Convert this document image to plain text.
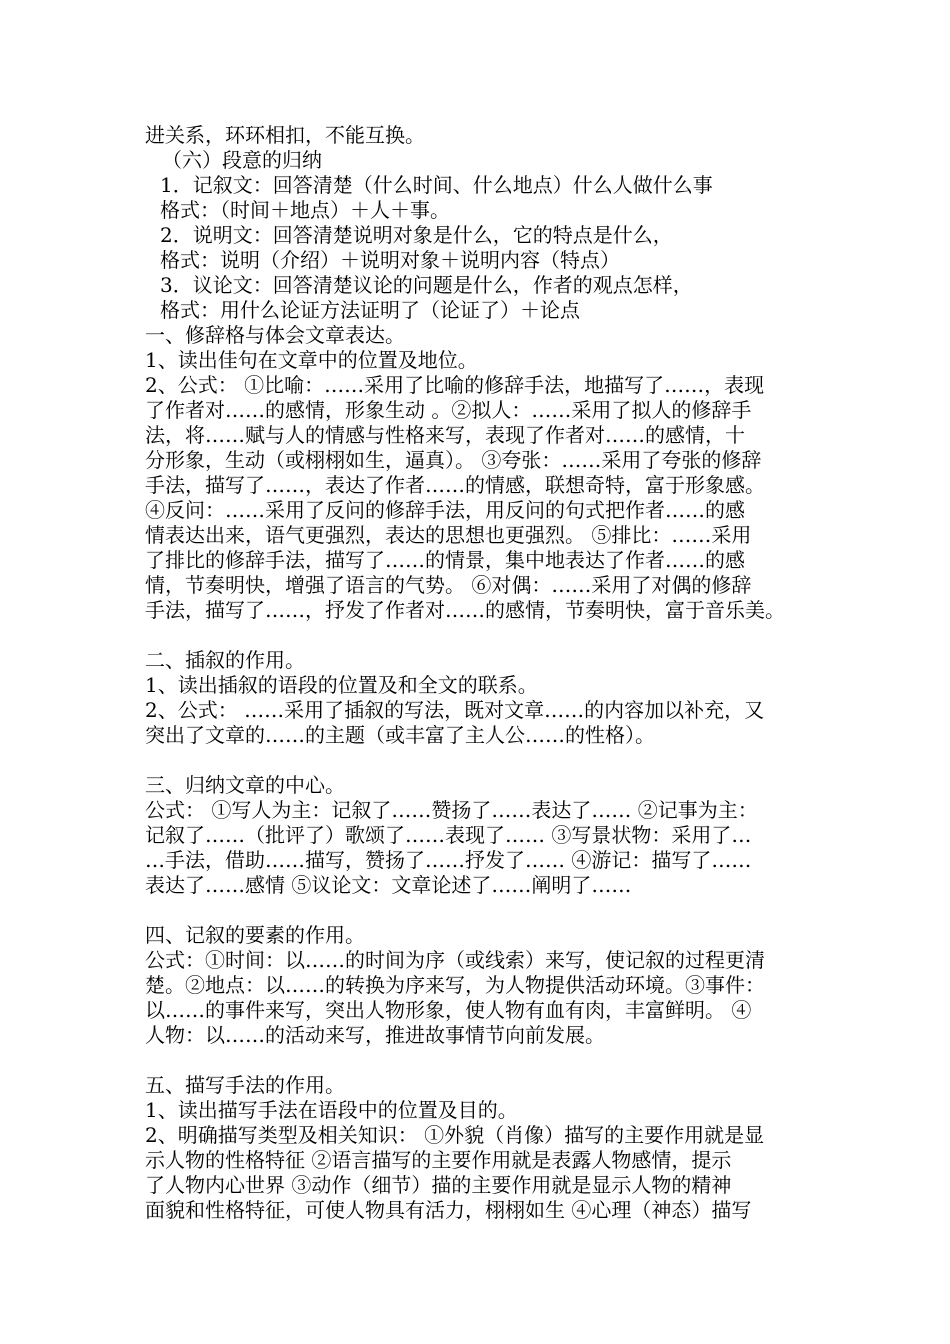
进关系，环环相扣，不能互换。
（六）段意的归纳
1．记叙文：回答清楚（什么时间、什么地点）什么人做什么事
格式：（时间＋地点）＋人＋事。
2．说明文：回答清楚说明对象是什么，它的特点是什么，
格式：说明（介绍）＋说明对象＋说明内容（特点）
3．议论文：回答清楚议论的问题是什么，作者的观点怎样，
格式：用什么论证方法证明了（论证了）＋论点
一、修辞格与体会文章表达。
1、读出佳句在文章中的位置及地位。
2、公式： ①比喻：……采用了比喻的修辞手法，地描写了……，表现
了作者对……的感情，形象生动 。②拟人：……采用了拟人的修辞手
法，将……赋与人的情感与性格来写，表现了作者对……的感情，十
分形象，生动（或栩栩如生，逼真）。 ③夸张：……采用了夸张的修辞
手法，描写了……，表达了作者……的情感，联想奇特，富于形象感。
④反问：……采用了反问的修辞手法，用反问的句式把作者……的感
情表达出来，语气更强烈，表达的思想也更强烈。 ⑤排比：……采用
了排比的修辞手法，描写了……的情景，集中地表达了作者……的感
情，节奏明快，增强了语言的气势。 ⑥对偶：……采用了对偶的修辞
手法，描写了……，抒发了作者对……的感情，节奏明快，富于音乐美。
二、插叙的作用。
1、读出插叙的语段的位置及和全文的联系。
2、公式： ……采用了插叙的写法，既对文章……的内容加以补充，又
突出了文章的……的主题（或丰富了主人公……的性格）。
三、归纳文章的中心。
公式： ①写人为主：记叙了……赞扬了……表达了…… ②记事为主：
记叙了……（批评了）歌颂了……表现了…… ③写景状物：采用了…
…手法，借助……描写，赞扬了……抒发了…… ④游记：描写了……
表达了……感情 ⑤议论文：文章论述了……阐明了……
四、记叙的要素的作用。
公式：①时间：以……的时间为序（或线索）来写，使记叙的过程更清
楚。②地点：以……的转换为序来写，为人物提供活动环境。③事件：
以……的事件来写，突出人物形象，使人物有血有肉，丰富鲜明。 ④
人物：以……的活动来写，推进故事情节向前发展。
五、描写手法的作用。
1、读出描写手法在语段中的位置及目的。
2、明确描写类型及相关知识： ①外貌（肖像）描写的主要作用就是显
示人物的性格特征 ②语言描写的主要作用就是表露人物感情，提示
了人物内心世界 ③动作（细节）描的主要作用就是显示人物的精神
面貌和性格特征，可使人物具有活力，栩栩如生 ④心理（神态）描写
